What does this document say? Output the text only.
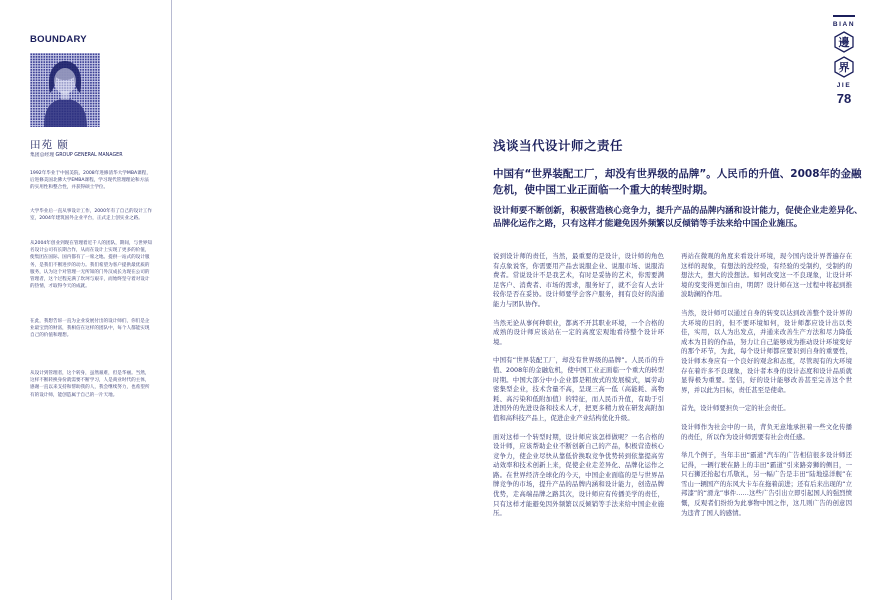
BOUNDARY
田苑 颐
集团总经理 GROUP GENERAL MANAGER
1992年毕业于中国美院，2008年进修清华大学MBA课程，后进修美国北佛大学EMBA课程，学习现代管理理论和方法的实用性和整合性，并获得硕士学位。
大学毕业后一直从事设计工作，2000年有了自己的设计工作室，2004年建筑国外企业平台，正式走上创实业之路。
从2004年创业到现在管理着近千人的团队，期间，与世界知名设计公司有长期合作，从而在设计上实现了更多的价值，使集团在国际、国内都有了一席之地。提供一站式的设计服务，是我们不断进步的动力。我们希望为客户提供最优质的服务，认为这个对管理一无所知的门外汉成长为现在公司的管理者，这个过程充满了坎坷与艰辛，而始终坚守着对设计的热情，才取得今天的成就。
在此，我想告诉一直为企业发展付出的设计师们，你们是企业最宝贵的财富，我相信在这样的团队中，每个人都能实现自己的价值和理想。
从设计到管理者，这个转身，虽然艰难，但是华丽。当然，这样不断转换身份就需要不断学习，人是商业时代的主体，感谢一直以来支持和帮助我的人，我会继续努力，也希望所有的设计师，能创造属于自己的一片天地。
BIAN
邊
界
JIE
78
浅谈当代设计师之责任
中国有“世界装配工厂，却没有世界级的品牌”。人民币的升值、2008年的金融危机，使中国工业正面临一个重大的转型时期。
设计师要不断创新，积极营造核心竞争力，提升产品的品牌内涵和设计能力，促使企业走差异化、品牌化运作之路，只有这样才能避免因外频繁以反倾销等手法来给中国企业施压。

说到设计师的责任，当然，最重要的是设计，设计师的角色有点象说客，你需要用产品去说服企业、说服市场、说服消费者。常说设计不是我艺术，有时是妥协的艺术，你需要满足客户、消费者、市场的需求，服务好了，就不会有人去计较你是否在妥协。设计师要学会客户服务，拥有良好的沟通能力与团队协作。

当然无论从事何种职业，都离不开其职业环境，一个合格的成熟的设计师应该站在一定的高度宏观地看待整个设计环境。

中国有“世界装配工厂，却没有世界级的品牌”。人民币的升值、2008年的金融危机，使中国工业正面临一个重大的转型时期。中国大部分中小企业都是粗放式的发展模式，属劳动密集型企业，技术含量不高，呈现三高一低（高能耗、高物耗、高污染和低附加值）的特征，而人民币升值，有助于引进国外的先进设备和技术人才，把更多精力放在研发高附加值和高科技产品上，促进企业产业结构优化升级。

面对这样一个转型时期，设计师应该怎样做呢？一名合格的设计师，应该帮助企业不断创新自己的产品，积极营造核心竞争力，使企业尽快从靠低价换取竞争优势转到依靠提高劳动效率和技术创新上来，促使企业走差异化、品牌化运作之路。在世界经济全球化的今天，中国企业面临的是与世界品牌竞争的市场，提升产品的品牌内涵和设计能力，创造品牌优势，走高端品牌之路其次，设计师应有传播美学的责任，只有这样才能避免因外频繁以反倾销等手法来给中国企业施压。

再站在微观的角度来看设计环境，现今国内设计界普遍存在这样的现象，有想法的没经验，有经验的受制约，受制约的想法大，想大的没想法。如何改变这一不良现象，让设计环境的变变得更加自由，明朗？设计师在这一过程中将起到推波助澜的作用。

当然，设计师可以通过自身的转变以达到改善整个设计界的大环境的目的，但不要环境如何，设计师都应设计出以类佳，实用，以人为出发点，并通来改善生产方法和尽力降低成本为目的的作品，努力让自己能够成为推动设计环境变好的那个环节，为此，每个设计师都应要识到自身的重要性，设计师本身应有一个良好的观念和态度，尽管现有的大环境存在着许多不良现象，设计者本身的设计态度和设计品质就显得极为重要。坚信，好的设计能够改善甚至完善这个世界，并以此为目标，责任甚至是使命。

首先，设计师要担负一定的社会责任。

设计师作为社会中的一员，背负无意地承担着一些文化传播的责任，所以作为设计师需要有社会责任感。

举几个例子，当年丰田“霸道”汽车的广告相信很多设计师还记得，一辆行驶在路上的丰田“霸道”引来路旁狮的侧目，一只石狮还抬起右爪敬礼，另一幅广告是丰田“陆地巡洋舰”在雪山一辆国产的东风大卡车在拖着前进；还有后来出现的“立邦漆”的“滑龙”事件……这些广告引出立即引起国人的强烈愤慨，反观者们纷纷为此事物中国之作，这几则广告的创意因为违背了国人的感情。
